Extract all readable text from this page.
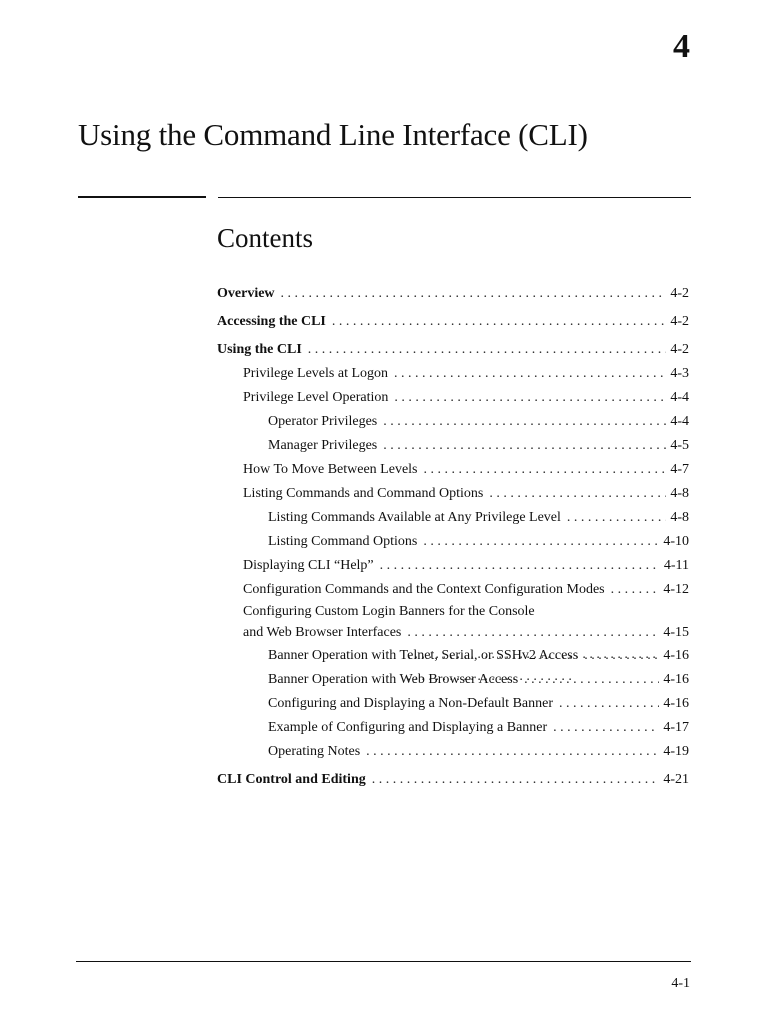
4
Using the Command Line Interface (CLI)
Contents
Overview . . .	4-2
Accessing the CLI . . .	4-2
Using the CLI . . .	4-2
Privilege Levels at Logon . . .	4-3
Privilege Level Operation . . .	4-4
Operator Privileges . . .	4-4
Manager Privileges . . .	4-5
How To Move Between Levels . . .	4-7
Listing Commands and Command Options . . .	4-8
Listing Commands Available at Any Privilege Level . . .	4-8
Listing Command Options . . .	4-10
Displaying CLI “Help” . . .	4-11
Configuration Commands and the Context Configuration Modes . . .	4-12
Configuring Custom Login Banners for the Console
and Web Browser Interfaces . . .	4-15
Banner Operation with Telnet, Serial, or SSHv2 Access . . .	4-16
Banner Operation with Web Browser Access . . .	4-16
Configuring and Displaying a Non-Default Banner . . .	4-16
Example of Configuring and Displaying a Banner . . .	4-17
Operating Notes . . .	4-19
CLI Control and Editing . . .	4-21
4-1
